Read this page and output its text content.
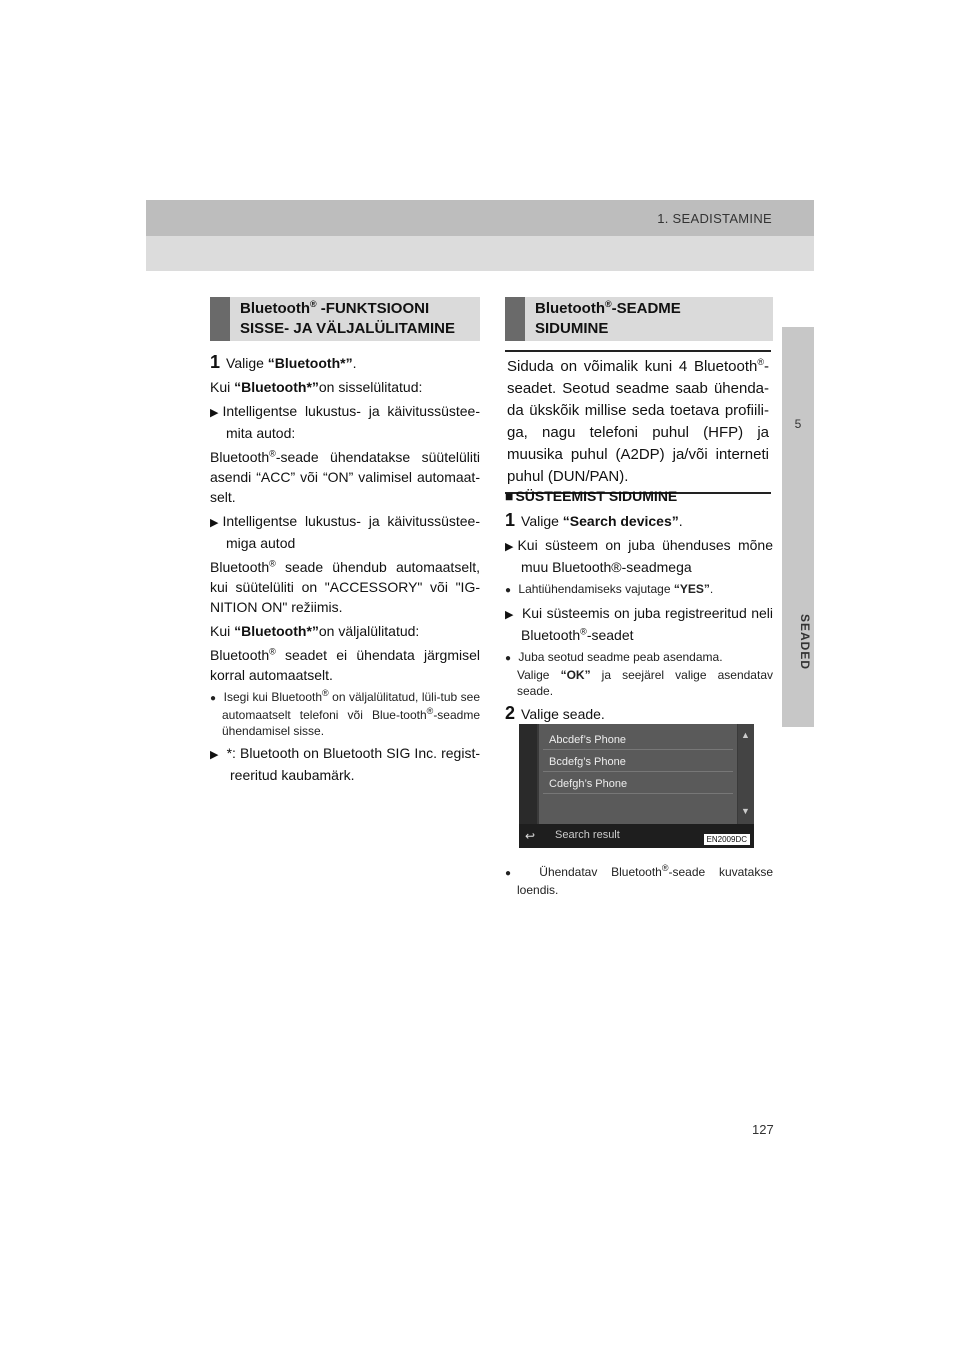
1. SEADISTAMINE
5
SEADED
Bluetooth® -FUNKTSIOONI
SISSE- JA VÄLJALÜLITAMINE

1 Valige “Bluetooth*”.

Kui “Bluetooth*”on sisselülitatud:

▶ Intelligentse lukustus- ja käivitussüstee-mita autod:

Bluetooth®-seade ühendatakse süütelüliti asendi “ACC” või “ON” valimisel automaat-selt.

▶ Intelligentse lukustus- ja käivitussüstee-miga autod

Bluetooth® seade ühendub automaatselt, kui süütelüliti on "ACCESSORY" või "IG-NITION ON" režiimis.

Kui “Bluetooth*”on väljalülitatud:

Bluetooth® seadet ei ühendata järgmisel korral automaatselt.

● Isegi kui Bluetooth® on väljalülitatud, lüli-tub see automaatselt telefoni või Blue-tooth®-seadme ühendamisel sisse.

▶ *: Bluetooth on Bluetooth SIG Inc. regist-reeritud kaubamärk.

Bluetooth®-SEADME
SIDUMINE
Siduda on võimalik kuni 4 Bluetooth®-seadet. Seotud seadme saab ühenda-da ükskõik millise seda toetava profiili-ga, nagu telefoni puhul (HFP) ja muusika puhul (A2DP) ja/või interneti puhul (DUN/PAN).

■ SÜSTEEMIST SIDUMINE

1 Valige “Search devices”.

▶ Kui süsteem on juba ühenduses mõne muu Bluetooth®-seadmega

● Lahtiühendamiseks vajutage “YES”.

▶ Kui süsteemis on juba registreeritud neli Bluetooth®-seadet

● Juba seotud seadme peab asendama.
Valige “OK” ja seejärel valige asendatav seade.

2 Valige seade.

Abcdef’s Phone
Bcdefg’s Phone
Cdefgh’s Phone
▲
▼
↩ Search result	EN2009DC

● Ühendatav Bluetooth®-seade kuvatakse loendis.

127
